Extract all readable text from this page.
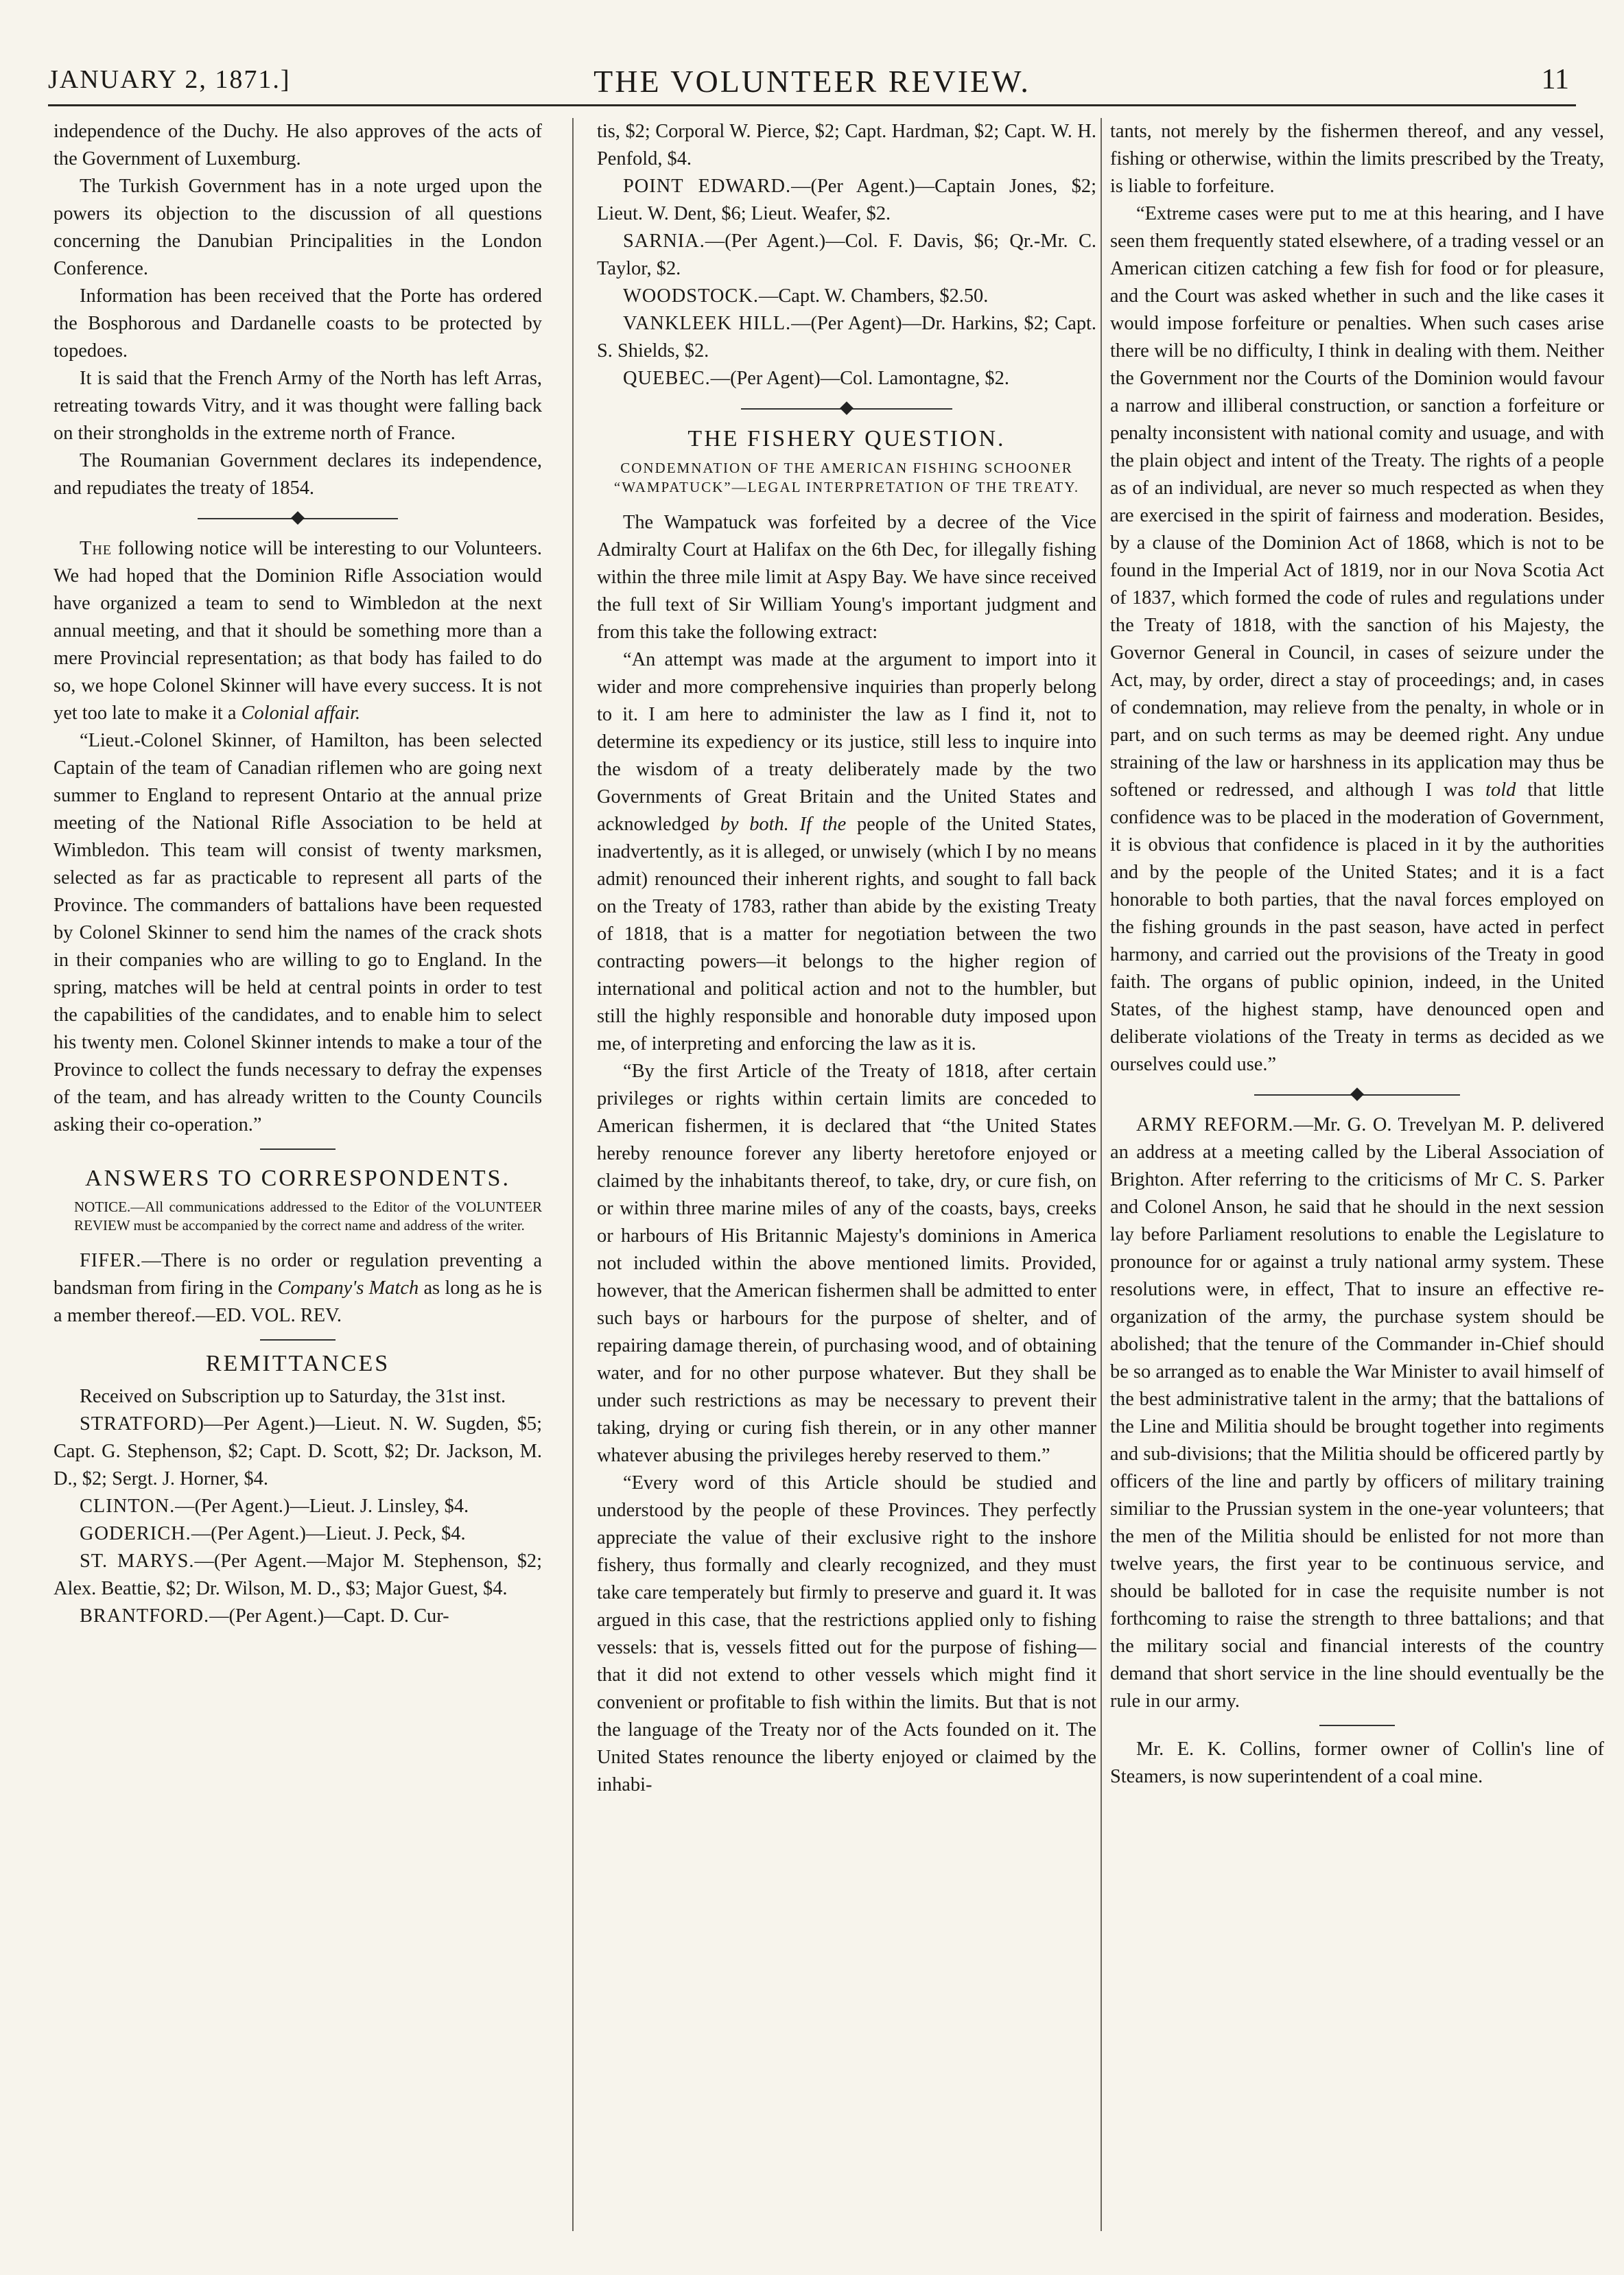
JANUARY 2, 1871.]	THE VOLUNTEER REVIEW.	11

independence of the Duchy. He also approves of the acts of the Government of Luxemburg.

The Turkish Government has in a note urged upon the powers its objection to the discussion of all questions concerning the Danubian Principalities in the London Conference.

Information has been received that the Porte has ordered the Bosphorous and Dardanelle coasts to be protected by topedoes.

It is said that the French Army of the North has left Arras, retreating towards Vitry, and it was thought were falling back on their strongholds in the extreme north of France.

The Roumanian Government declares its independence, and repudiates the treaty of 1854.

The following notice will be interesting to our Volunteers. We had hoped that the Dominion Rifle Association would have organized a team to send to Wimbledon at the next annual meeting, and that it should be something more than a mere Provincial representation; as that body has failed to do so, we hope Colonel Skinner will have every success. It is not yet too late to make it a Colonial affair.

“Lieut.-Colonel Skinner, of Hamilton, has been selected Captain of the team of Canadian riflemen who are going next summer to England to represent Ontario at the annual prize meeting of the National Rifle Association to be held at Wimbledon. This team will consist of twenty marksmen, selected as far as practicable to represent all parts of the Province. The commanders of battalions have been requested by Colonel Skinner to send him the names of the crack shots in their companies who are willing to go to England. In the spring, matches will be held at central points in order to test the capabilities of the candidates, and to enable him to select his twenty men. Colonel Skinner intends to make a tour of the Province to collect the funds necessary to defray the expenses of the team, and has already written to the County Councils asking their co-operation.”

ANSWERS TO CORRESPONDENTS.
NOTICE.—All communications addressed to the Editor of the VOLUNTEER REVIEW must be accompanied by the correct name and address of the writer.

FIFER.—There is no order or regulation preventing a bandsman from firing in the Company's Match as long as he is a member thereof.—ED. VOL. REV.

REMITTANCES

Received on Subscription up to Saturday, the 31st inst.

STRATFORD)—Per Agent.)—Lieut. N. W. Sugden, $5; Capt. G. Stephenson, $2; Capt. D. Scott, $2; Dr. Jackson, M. D., $2; Sergt. J. Horner, $4.

CLINTON.—(Per Agent.)—Lieut. J. Linsley, $4.

GODERICH.—(Per Agent.)—Lieut. J. Peck, $4.

ST. MARYS.—(Per Agent.—Major M. Stephenson, $2; Alex. Beattie, $2; Dr. Wilson, M. D., $3; Major Guest, $4.

BRANTFORD.—(Per Agent.)—Capt. D. Cur-

tis, $2; Corporal W. Pierce, $2; Capt. Hardman, $2; Capt. W. H. Penfold, $4.

POINT EDWARD.—(Per Agent.)—Captain Jones, $2; Lieut. W. Dent, $6; Lieut. Weafer, $2.

SARNIA.—(Per Agent.)—Col. F. Davis, $6; Qr.-Mr. C. Taylor, $2.

WOODSTOCK.—Capt. W. Chambers, $2.50.

VANKLEEK HILL.—(Per Agent)—Dr. Harkins, $2; Capt. S. Shields, $2.

QUEBEC.—(Per Agent)—Col. Lamontagne, $2.

THE FISHERY QUESTION.
CONDEMNATION OF THE AMERICAN FISHING SCHOONER “WAMPATUCK”—LEGAL INTERPRETATION OF THE TREATY.

The Wampatuck was forfeited by a decree of the Vice Admiralty Court at Halifax on the 6th Dec, for illegally fishing within the three mile limit at Aspy Bay. We have since received the full text of Sir William Young's important judgment and from this take the following extract:

“An attempt was made at the argument to import into it wider and more comprehensive inquiries than properly belong to it. I am here to administer the law as I find it, not to determine its expediency or its justice, still less to inquire into the wisdom of a treaty deliberately made by the two Governments of Great Britain and the United States and acknowledged by both. If the people of the United States, inadvertently, as it is alleged, or unwisely (which I by no means admit) renounced their inherent rights, and sought to fall back on the Treaty of 1783, rather than abide by the existing Treaty of 1818, that is a matter for negotiation between the two contracting powers—it belongs to the higher region of international and political action and not to the humbler, but still the highly responsible and honorable duty imposed upon me, of interpreting and enforcing the law as it is.

“By the first Article of the Treaty of 1818, after certain privileges or rights within certain limits are conceded to American fishermen, it is declared that “the United States hereby renounce forever any liberty heretofore enjoyed or claimed by the inhabitants thereof, to take, dry, or cure fish, on or within three marine miles of any of the coasts, bays, creeks or harbours of His Britannic Majesty's dominions in America not included within the above mentioned limits. Provided, however, that the American fishermen shall be admitted to enter such bays or harbours for the purpose of shelter, and of repairing damage therein, of purchasing wood, and of obtaining water, and for no other purpose whatever. But they shall be under such restrictions as may be necessary to prevent their taking, drying or curing fish therein, or in any other manner whatever abusing the privileges hereby reserved to them.”

“Every word of this Article should be studied and understood by the people of these Provinces. They perfectly appreciate the value of their exclusive right to the inshore fishery, thus formally and clearly recognized, and they must take care temperately but firmly to preserve and guard it. It was argued in this case, that the restrictions applied only to fishing vessels: that is, vessels fitted out for the purpose of fishing—that it did not extend to other vessels which might find it convenient or profitable to fish within the limits. But that is not the language of the Treaty nor of the Acts founded on it. The United States renounce the liberty enjoyed or claimed by the inhabi-

tants, not merely by the fishermen thereof, and any vessel, fishing or otherwise, within the limits prescribed by the Treaty, is liable to forfeiture.

“Extreme cases were put to me at this hearing, and I have seen them frequently stated elsewhere, of a trading vessel or an American citizen catching a few fish for food or for pleasure, and the Court was asked whether in such and the like cases it would impose forfeiture or penalties. When such cases arise there will be no difficulty, I think in dealing with them. Neither the Government nor the Courts of the Dominion would favour a narrow and illiberal construction, or sanction a forfeiture or penalty inconsistent with national comity and usuage, and with the plain object and intent of the Treaty. The rights of a people as of an individual, are never so much respected as when they are exercised in the spirit of fairness and moderation. Besides, by a clause of the Dominion Act of 1868, which is not to be found in the Imperial Act of 1819, nor in our Nova Scotia Act of 1837, which formed the code of rules and regulations under the Treaty of 1818, with the sanction of his Majesty, the Governor General in Council, in cases of seizure under the Act, may, by order, direct a stay of proceedings; and, in cases of condemnation, may relieve from the penalty, in whole or in part, and on such terms as may be deemed right. Any undue straining of the law or harshness in its application may thus be softened or redressed, and although I was told that little confidence was to be placed in the moderation of Government, it is obvious that confidence is placed in it by the authorities and by the people of the United States; and it is a fact honorable to both parties, that the naval forces employed on the fishing grounds in the past season, have acted in perfect harmony, and carried out the provisions of the Treaty in good faith. The organs of public opinion, indeed, in the United States, of the highest stamp, have denounced open and deliberate violations of the Treaty in terms as decided as we ourselves could use.”

ARMY REFORM.—Mr. G. O. Trevelyan M. P. delivered an address at a meeting called by the Liberal Association of Brighton. After referring to the criticisms of Mr C. S. Parker and Colonel Anson, he said that he should in the next session lay before Parliament resolutions to enable the Legislature to pronounce for or against a truly national army system. These resolutions were, in effect, That to insure an effective re-organization of the army, the purchase system should be abolished; that the tenure of the Commander in-Chief should be so arranged as to enable the War Minister to avail himself of the best administrative talent in the army; that the battalions of the Line and Militia should be brought together into regiments and sub-divisions; that the Militia should be officered partly by officers of the line and partly by officers of military training similiar to the Prussian system in the one-year volunteers; that the men of the Militia should be enlisted for not more than twelve years, the first year to be continuous service, and should be balloted for in case the requisite number is not forthcoming to raise the strength to three battalions; and that the military social and financial interests of the country demand that short service in the line should eventually be the rule in our army.

Mr. E. K. Collins, former owner of Collin's line of Steamers, is now superintendent of a coal mine.
